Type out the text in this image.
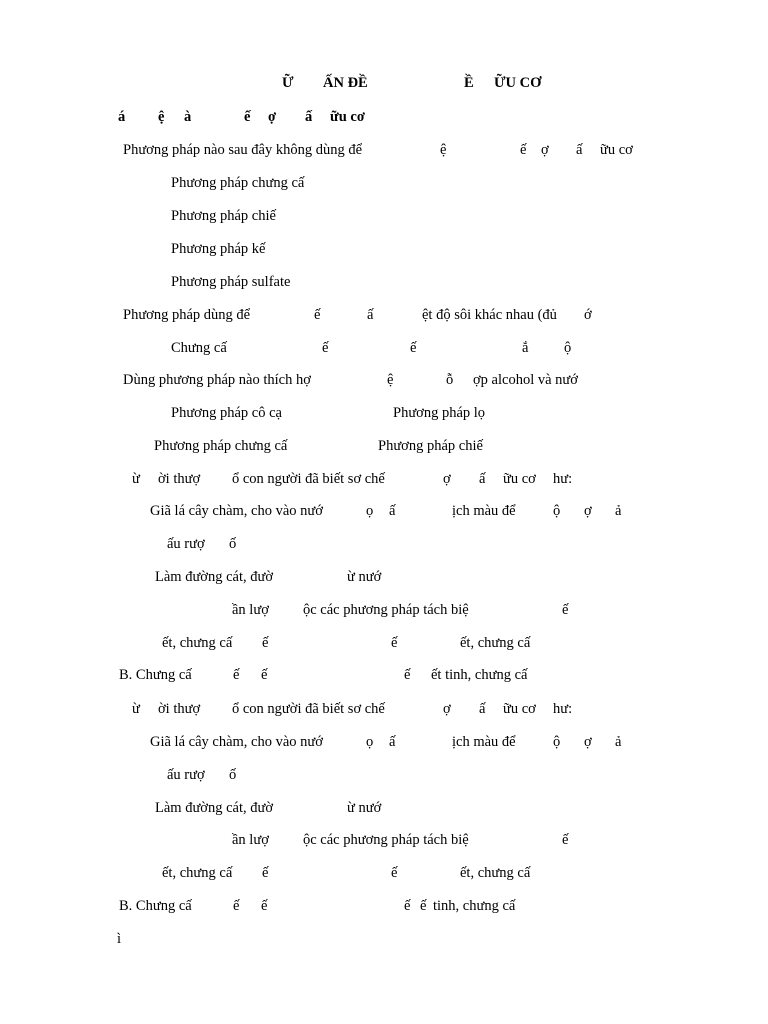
Ữ ẤN ĐỀ	Ề ỮU CƠ
á ệ à	ế ợ ấ ữu cơ
Phương pháp nào sau đây không dùng để	ệ	ế ợ ấ ữu cơ
Phương pháp chưng cấ
Phương pháp chiế
Phương pháp kế
Phương pháp sulfate
Phương pháp dùng để	ế	ấ	ệt độ sôi khác nhau (đủ ớ
Chưng cấ	ế	ế	ắ ộ
Dùng phương pháp nào thích hợ	ệ	ỗ ợp alcohol và nướ
Phương pháp cô cạ	Phương pháp lọ
Phương pháp chưng cấ	Phương pháp chiế
ừ ời thượ ổ con người đã biết sơ chế	ợ ấ ữu cơ hư:
Giã lá cây chàm, cho vào nướ	ọ ấ	ịch màu để	ộ ợ ả
ấu rượ ố
Làm đường cát, đườ	ừ nướ
ần lượ ộc các phương pháp tách biệ	ế
ết, chưng cấ ế	ế	ết, chưng cấ
B. Chưng cấ	ế ế	ế ết tinh, chưng cấ
ừ ời thượ ổ con người đã biết sơ chế	ợ ấ ữu cơ hư:
Giã lá cây chàm, cho vào nướ	ọ ấ	ịch màu để	ộ ợ ả
ấu rượ ố
Làm đường cát, đườ	ừ nướ
ần lượ ộc các phương pháp tách biệ	ế
ết, chưng cấ ế	ế	ết, chưng cấ
B. Chưng cấ	ế ế	ế ế tinh, chưng cấ
ì
